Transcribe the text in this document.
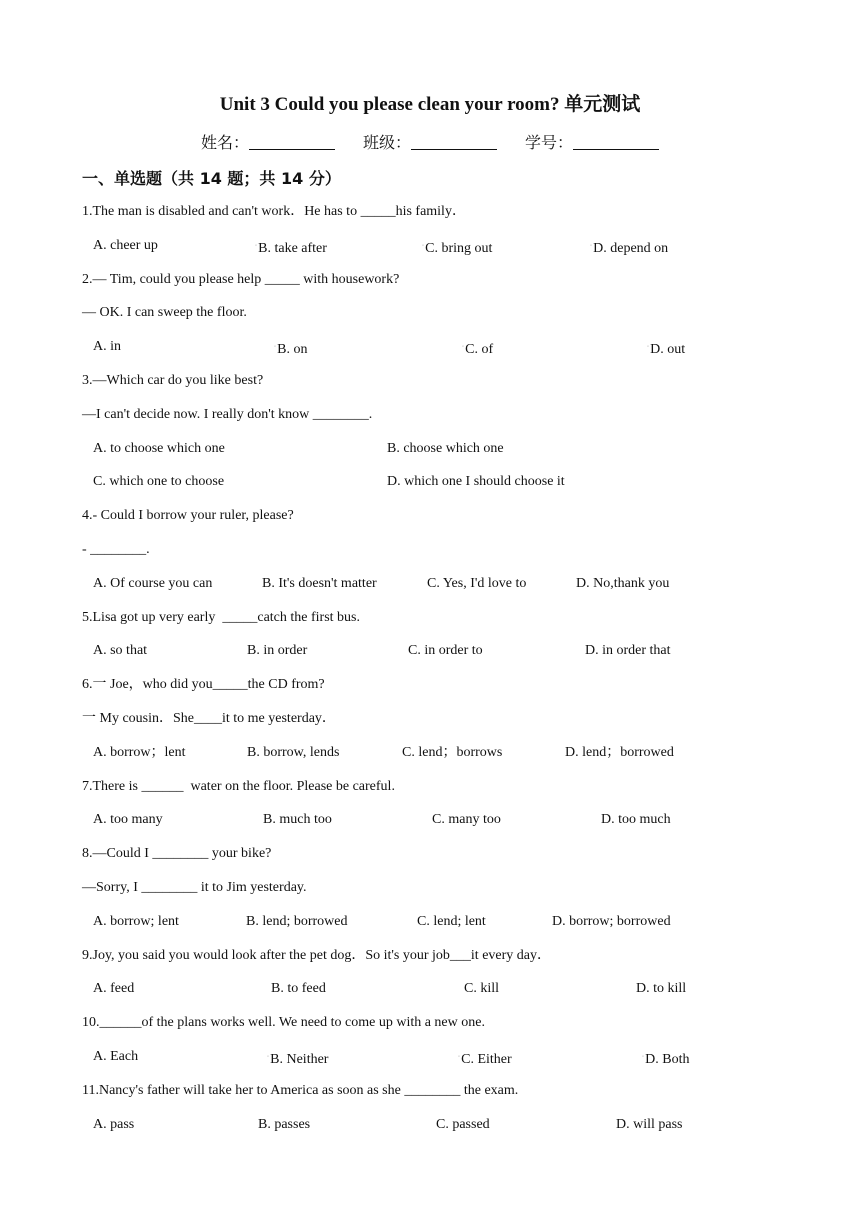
Unit 3 Could you please clean your room? 单元测试
姓名：	班级：	学号：
一、单选题（共 14 题；共 14 分）
1.The man is disabled and can't work．He has to _____his family．
A. cheer up	◦B. take after	◦C. bring out	◦D. depend on
2.— Tim, could you please help _____ with housework?
— OK. I can sweep the floor.
A. in	◦B. on	◦C. of	◦D. out
3.—Which car do you like best?
—I can't decide now. I really don't know ________.
A. to choose which one	B. choose which one
C. which one to choose	D. which one I should choose it
4.- Could I borrow your ruler, please?
- ________.
A. Of course you can	B. It's doesn't matter	C. Yes, I'd love to	D. No,thank you
5.Lisa got up very early  _____catch the first bus.
A. so that	B. in order	C. in order to	D. in order that
6.一 Joe，who did you_____the CD from?
一 My cousin．She____it to me yesterday．
A. borrow；lent	B. borrow, lends	C. lend；borrows	D. lend；borrowed
7.There is ______  water on the floor. Please be careful.
A. too many	B. much too	C. many too	D. too much
8.—Could I ________ your bike?
—Sorry, I ________ it to Jim yesterday.
A. borrow; lent	B. lend; borrowed	C. lend; lent	D. borrow; borrowed
9.Joy, you said you would look after the pet dog．So it's your job___it every day．
A. feed	B. to feed	C. kill	D. to kill
10.______of the plans works well. We need to come up with a new one.
A. Each	◦B. Neither	◦C. Either	◦D. Both
11.Nancy's father will take her to America as soon as she ________ the exam.
A. pass	B. passes	C. passed	D. will pass
